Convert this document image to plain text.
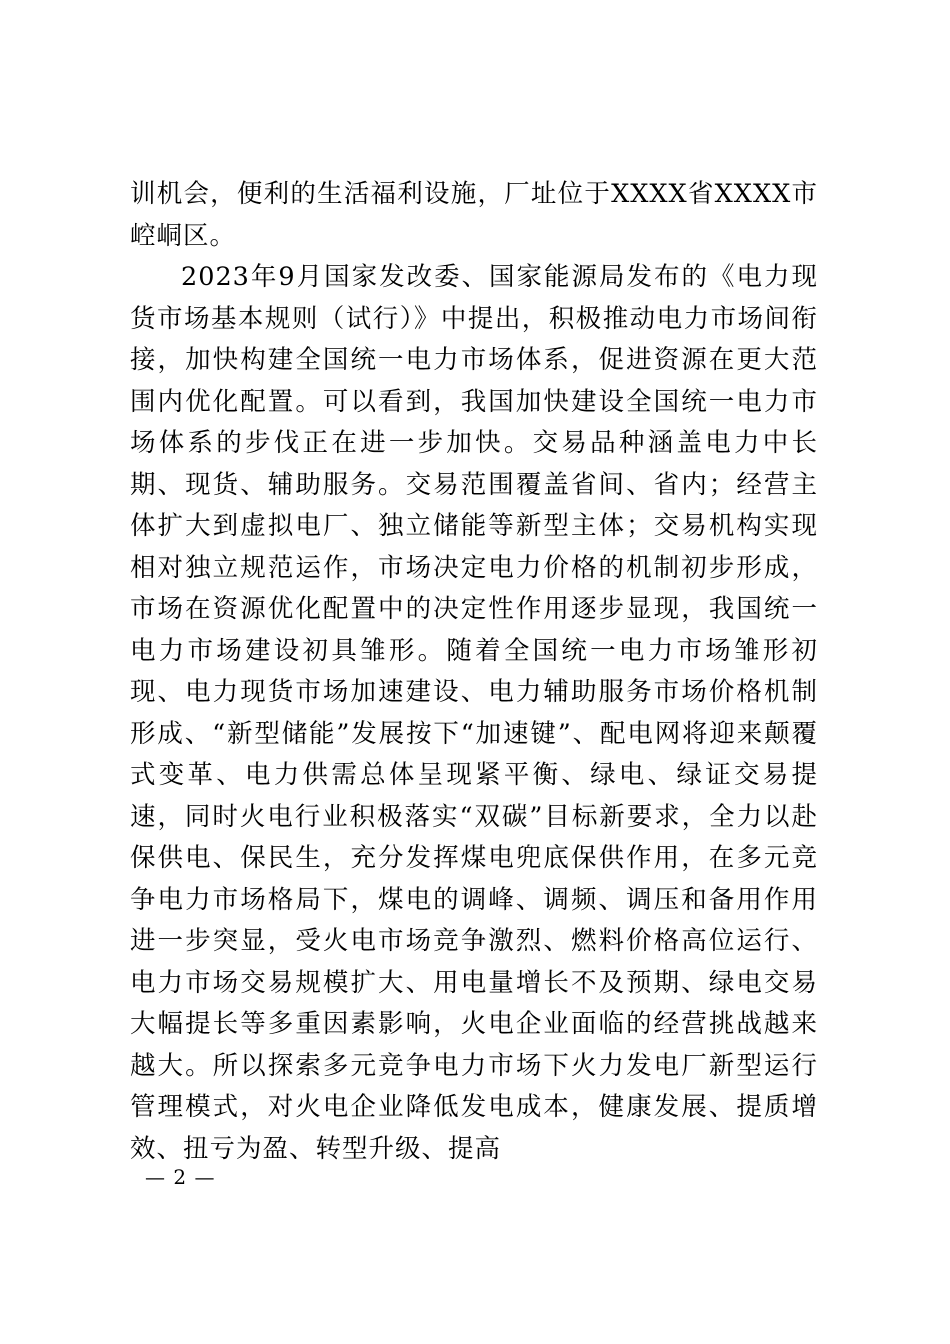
训机会，便利的生活福利设施，厂址位于XXXX省XXXX市崆峒区。

2023年9月国家发改委、国家能源局发布的《电力现货市场基本规则（试行）》中提出，积极推动电力市场间衔接，加快构建全国统一电力市场体系，促进资源在更大范围内优化配置。可以看到，我国加快建设全国统一电力市场体系的步伐正在进一步加快。交易品种涵盖电力中长期、现货、辅助服务。交易范围覆盖省间、省内；经营主体扩大到虚拟电厂、独立储能等新型主体；交易机构实现相对独立规范运作，市场决定电力价格的机制初步形成，市场在资源优化配置中的决定性作用逐步显现，我国统一电力市场建设初具雏形。随着全国统一电力市场雏形初现、电力现货市场加速建设、电力辅助服务市场价格机制形成、“新型储能”发展按下“加速键”、配电网将迎来颠覆式变革、电力供需总体呈现紧平衡、绿电、绿证交易提速，同时火电行业积极落实“双碳”目标新要求，全力以赴保供电、保民生，充分发挥煤电兜底保供作用，在多元竞争电力市场格局下，煤电的调峰、调频、调压和备用作用进一步突显，受火电市场竞争激烈、燃料价格高位运行、电力市场交易规模扩大、用电量增长不及预期、绿电交易大幅提长等多重因素影响，火电企业面临的经营挑战越来越大。所以探索多元竞争电力市场下火力发电厂新型运行管理模式，对火电企业降低发电成本，健康发展、提质增效、扭亏为盈、转型升级、提高

— 2 —
